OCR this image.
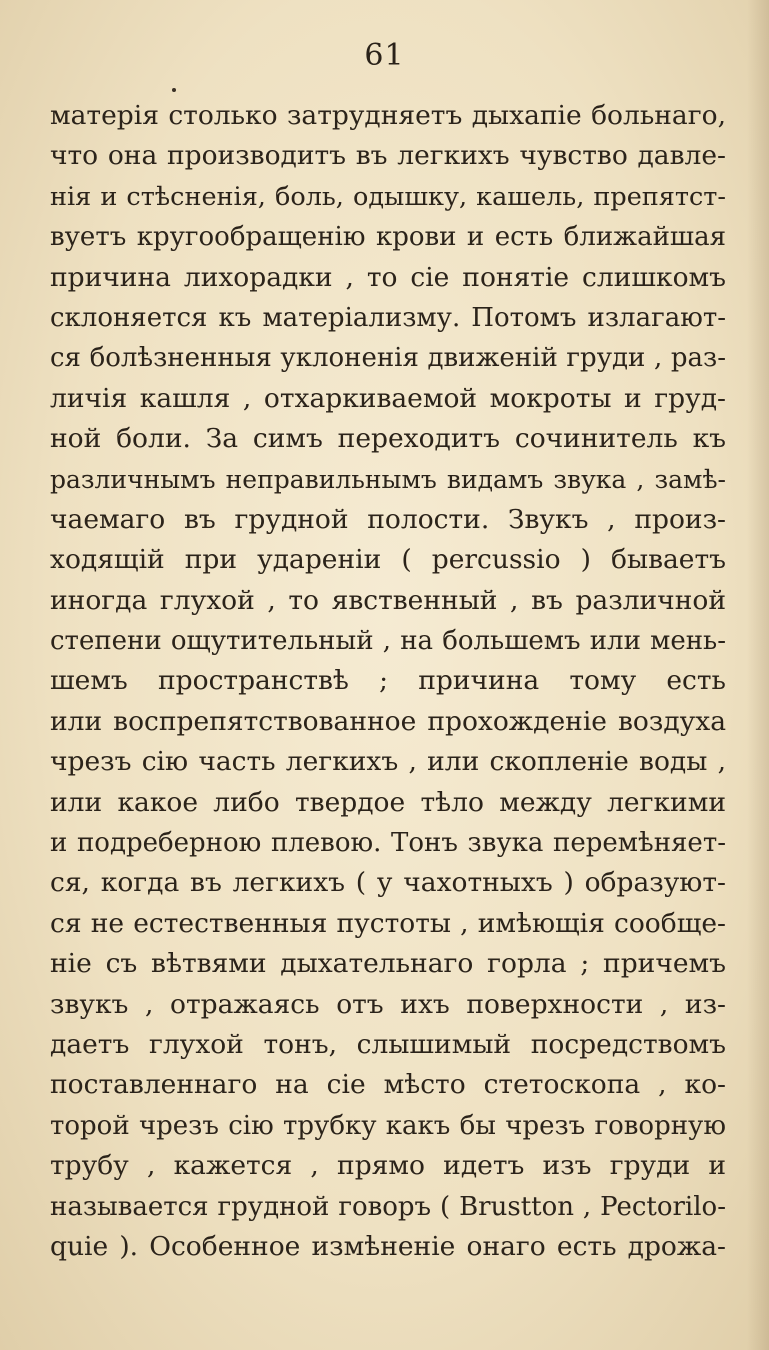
61
матерія столько затрудняетъ дыхапіе больнаго,
что она производитъ въ легкихъ чувство давле-
нія и стѣсненія, боль, одышку, кашель, препятст-
вуетъ кругообращенію крови и есть ближайшая
причина лихорадки , то сіе понятіе слишкомъ
склоняется къ матеріализму. Потомъ излагают-
ся болѣзненныя уклоненія движеній груди , раз-
личія кашля , отхаркиваемой мокроты и груд-
ной боли. За симъ переходитъ сочинитель къ
различнымъ неправильнымъ видамъ звука , замѣ-
чаемаго въ грудной полости. Звукъ , произ-
ходящій при удареніи ( percussio ) бываетъ
иногда глухой , то явственный , въ различной
степени ощутительный , на большемъ или мень-
шемъ пространствѣ ; причина тому есть
или воспрепятствованное прохожденіе воздуха
чрезъ сію часть легкихъ , или скопленіе воды ,
или какое либо твердое тѣло между легкими
и подреберною плевою. Тонъ звука перемѣняет-
ся, когда въ легкихъ ( у чахотныхъ ) образуют-
ся не естественныя пустоты , имѣющія сообще-
ніе съ вѣтвями дыхательнаго горла ; причемъ
звукъ , отражаясь отъ ихъ поверхности , из-
даетъ глухой тонъ, слышимый посредствомъ
поставленнаго на сіе мѣсто стетоскопа , ко-
торой чрезъ сію трубку какъ бы чрезъ говорную
трубу , кажется , прямо идетъ изъ груди и
называется грудной говоръ ( Brustton , Pectorilo-
quie ). Особенное измѣненіе онаго есть дрожа-
